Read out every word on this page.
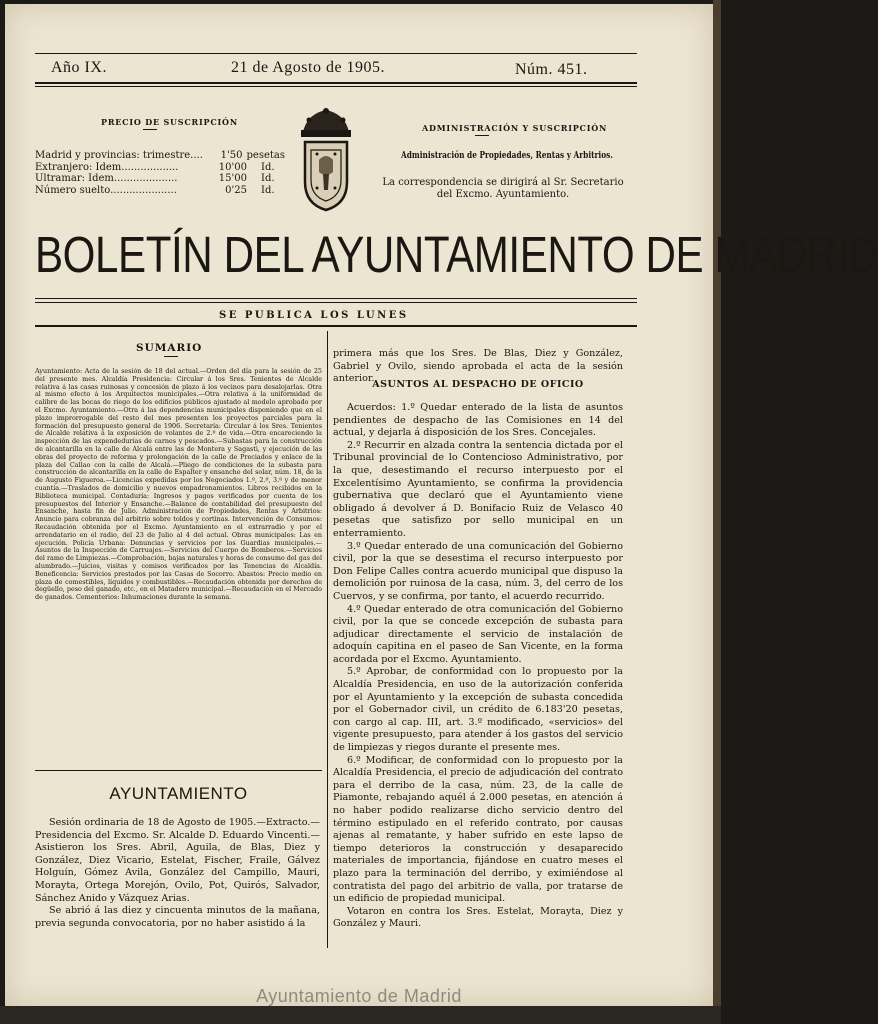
Año IX.	21 de Agosto de 1905.	Núm. 451.
PRECIO DE SUSCRIPCIÓN
Madrid y provincias: trimestre....	1'50 pesetas
Extranjero: Idem..................	10'00	Id.
Ultramar: Idem....................	15'00	Id.
Número suelto.....................	0'25	Id.
ADMINISTRACIÓN Y SUSCRIPCIÓN
Administración de Propiedades, Rentas y Arbitrios.
La correspondencia se dirigirá al Sr. Secretario del Excmo. Ayuntamiento.
BOLETÍN DEL AYUNTAMIENTO DE MADRID
SE PUBLICA LOS LUNES
SUMARIO
Ayuntamiento: Acta de la sesión de 18 del actual.—Orden del día para la sesión de 25 del presente mes. Alcaldía Presidencia: Circular á los Sres. Tenientes de Alcalde relativa á las casas ruinosas y concesión de plazo á los vecinos para desalojarlas. Otra al mismo efecto á los Arquitectos municipales.—Otra relativa á la uniformidad de calibre de las bocas de riego de los edificios públicos ajustado al modelo aprobado por el Excmo. Ayuntamiento.—Otra á las dependencias municipales disponiendo que en el plazo improrrogable del resto del mes presenten los proyectos parciales para la formación del presupuesto general de 1906. Secretaría: Circular á los Sres. Tenientes de Alcalde relativa á la exposición de volantes de 2.º de vida.—Otra encareciendo la inspección de las expendedurías de carnes y pescados.—Subastas para la construcción de alcantarilla en la calle de Alcalá entre las de Montera y Sagasti, y ejecución de las obras del proyecto de reforma y prolongación de la calle de Preciados y enlace de la plaza del Callao con la calle de Alcalá.—Pliego de condiciones de la subasta para construcción de alcantarilla en la calle de Espalter y ensanche del solar, núm. 18, de la de Augusto Figueroa.—Licencias expedidas por los Negociados 1.º, 2.º, 3.º y de menor cuantía.—Traslados de domicilio y nuevos empadronamientos. Libros recibidos en la Biblioteca municipal. Contaduría: Ingresos y pagos verificados por cuenta de los presupuestos del Interior y Ensanche.—Balance de contabilidad del presupuesto del Ensanche, hasta fin de Julio. Administración de Propiedades, Rentas y Arbitrios: Anuncio para cobranza del arbitrio sobre toldos y cortinas. Intervención de Consumos: Recaudación obtenida por el Excmo. Ayuntamiento en el extrarradio y por el arrendatario en el radio, del 23 de Julio al 4 del actual. Obras municipales: Las en ejecución. Policía Urbana: Denuncias y servicios por los Guardias municipales.—Asuntos de la Inspección de Carruajes.—Servicios del Cuerpo de Bomberos.—Servicios del ramo de Limpiezas.—Comprobación, bajas naturales y horas de consumo del gas del alumbrado.—Juicios, visitas y comisos verificados por las Tenencias de Alcaldía. Beneficencia: Servicios prestados por las Casas de Socorro. Abastos: Precio medio en plaza de comestibles, líquidos y combustibles.—Recaudación obtenida por derechos de degüello, peso del ganado, etc., en el Matadero municipal.—Recaudación en el Mercado de ganados. Cementerios: Inhumaciones durante la semana.
AYUNTAMIENTO

Sesión ordinaria de 18 de Agosto de 1905.—Extracto.—Presidencia del Excmo. Sr. Alcalde D. Eduardo Vincenti.—Asistieron los Sres. Abril, Aguila, de Blas, Diez y González, Diez Vicario, Estelat, Fischer, Fraile, Gálvez Holguín, Gómez Avila, González del Campillo, Mauri, Morayta, Ortega Morejón, Ovilo, Pot, Quirós, Salvador, Sánchez Anido y Vázquez Arias.

Se abrió á las diez y cincuenta minutos de la mañana, previa segunda convocatoria, por no haber asistido á la

primera más que los Sres. De Blas, Diez y González, Gabriel y Ovilo, siendo aprobada el acta de la sesión anterior.
ASUNTOS AL DESPACHO DE OFICIO

Acuerdos: 1.º Quedar enterado de la lista de asuntos pendientes de despacho de las Comisiones en 14 del actual, y dejarla á disposición de los Sres. Concejales.

2.º Recurrir en alzada contra la sentencia dictada por el Tribunal provincial de lo Contencioso Administrativo, por la que, desestimando el recurso interpuesto por el Excelentísimo Ayuntamiento, se confirma la providencia gubernativa que declaró que el Ayuntamiento viene obligado á devolver á D. Bonifacio Ruiz de Velasco 40 pesetas que satisfizo por sello municipal en un enterramiento.

3.º Quedar enterado de una comunicación del Gobierno civil, por la que se desestima el recurso interpuesto por Don Felipe Calles contra acuerdo municipal que dispuso la demolición por ruinosa de la casa, núm. 3, del cerro de los Cuervos, y se confirma, por tanto, el acuerdo recurrido.

4.º Quedar enterado de otra comunicación del Gobierno civil, por la que se concede excepción de subasta para adjudicar directamente el servicio de instalación de adoquín capitina en el paseo de San Vicente, en la forma acordada por el Excmo. Ayuntamiento.

5.º Aprobar, de conformidad con lo propuesto por la Alcaldía Presidencia, en uso de la autorización conferida por el Ayuntamiento y la excepción de subasta concedida por el Gobernador civil, un crédito de 6.183'20 pesetas, con cargo al cap. III, art. 3.º modificado, «servicios» del vigente presupuesto, para atender á los gastos del servicio de limpiezas y riegos durante el presente mes.

6.º Modificar, de conformidad con lo propuesto por la Alcaldía Presidencia, el precio de adjudicación del contrato para el derribo de la casa, núm. 23, de la calle de Piamonte, rebajando aquél á 2.000 pesetas, en atención á no haber podido realizarse dicho servicio dentro del término estipulado en el referido contrato, por causas ajenas al rematante, y haber sufrido en este lapso de tiempo deterioros la construcción y desaparecido materiales de importancia, fijándose en cuatro meses el plazo para la terminación del derribo, y eximiéndose al contratista del pago del arbitrio de valla, por tratarse de un edificio de propiedad municipal.

Votaron en contra los Sres. Estelat, Morayta, Diez y González y Mauri.

Ayuntamiento de Madrid
